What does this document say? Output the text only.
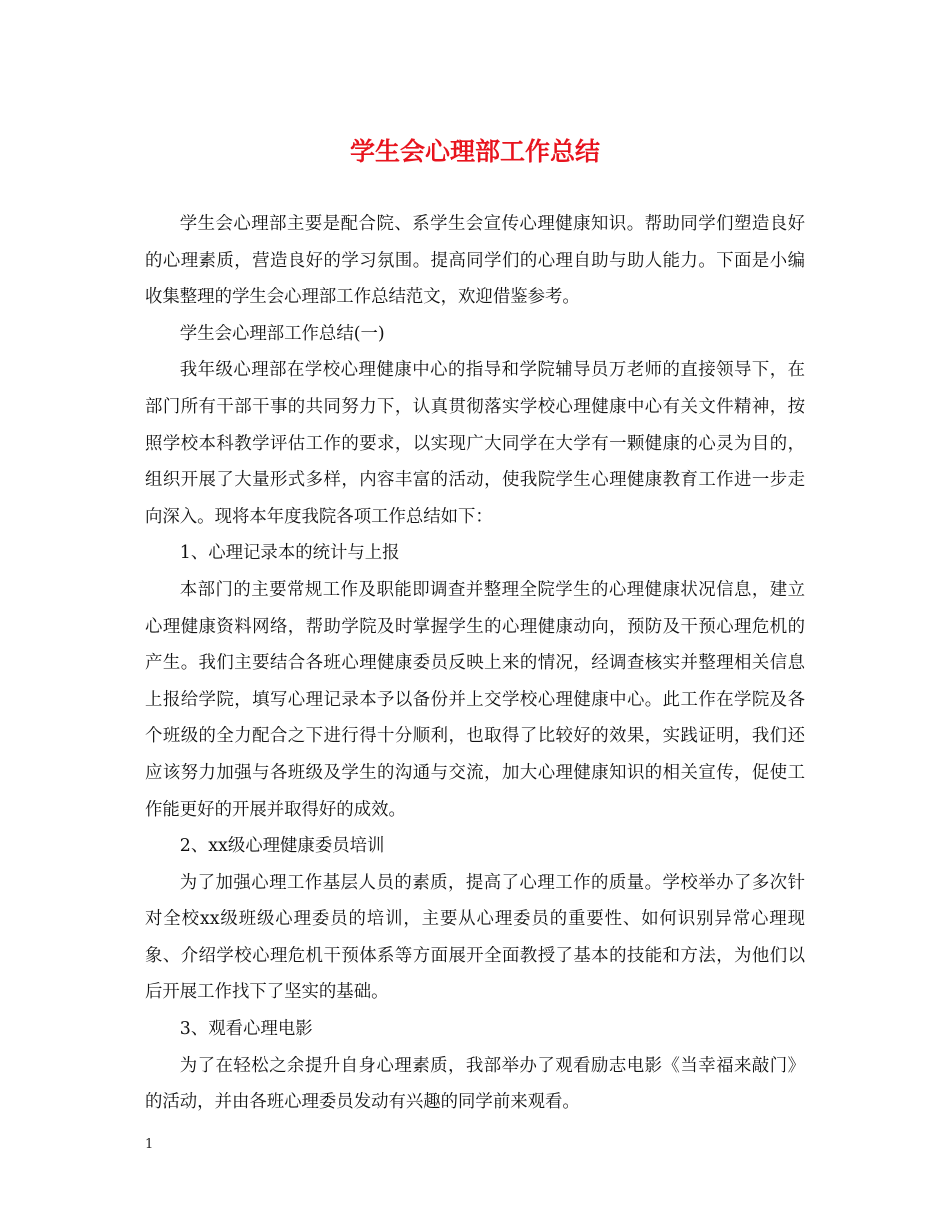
学生会心理部工作总结

学生会心理部主要是配合院、系学生会宣传心理健康知识。帮助同学们塑造良好的心理素质，营造良好的学习氛围。提高同学们的心理自助与助人能力。下面是小编收集整理的学生会心理部工作总结范文，欢迎借鉴参考。

学生会心理部工作总结(一)

我年级心理部在学校心理健康中心的指导和学院辅导员万老师的直接领导下，在部门所有干部干事的共同努力下，认真贯彻落实学校心理健康中心有关文件精神，按照学校本科教学评估工作的要求，以实现广大同学在大学有一颗健康的心灵为目的，组织开展了大量形式多样，内容丰富的活动，使我院学生心理健康教育工作进一步走向深入。现将本年度我院各项工作总结如下：

1、心理记录本的统计与上报

本部门的主要常规工作及职能即调查并整理全院学生的心理健康状况信息，建立心理健康资料网络，帮助学院及时掌握学生的心理健康动向，预防及干预心理危机的产生。我们主要结合各班心理健康委员反映上来的情况，经调查核实并整理相关信息上报给学院，填写心理记录本予以备份并上交学校心理健康中心。此工作在学院及各个班级的全力配合之下进行得十分顺利，也取得了比较好的效果，实践证明，我们还应该努力加强与各班级及学生的沟通与交流，加大心理健康知识的相关宣传，促使工作能更好的开展并取得好的成效。

2、xx级心理健康委员培训

为了加强心理工作基层人员的素质，提高了心理工作的质量。学校举办了多次针对全校xx级班级心理委员的培训，主要从心理委员的重要性、如何识别异常心理现象、介绍学校心理危机干预体系等方面展开全面教授了基本的技能和方法，为他们以后开展工作找下了坚实的基础。

3、观看心理电影

为了在轻松之余提升自身心理素质，我部举办了观看励志电影《当幸福来敲门》的活动，并由各班心理委员发动有兴趣的同学前来观看。

1
